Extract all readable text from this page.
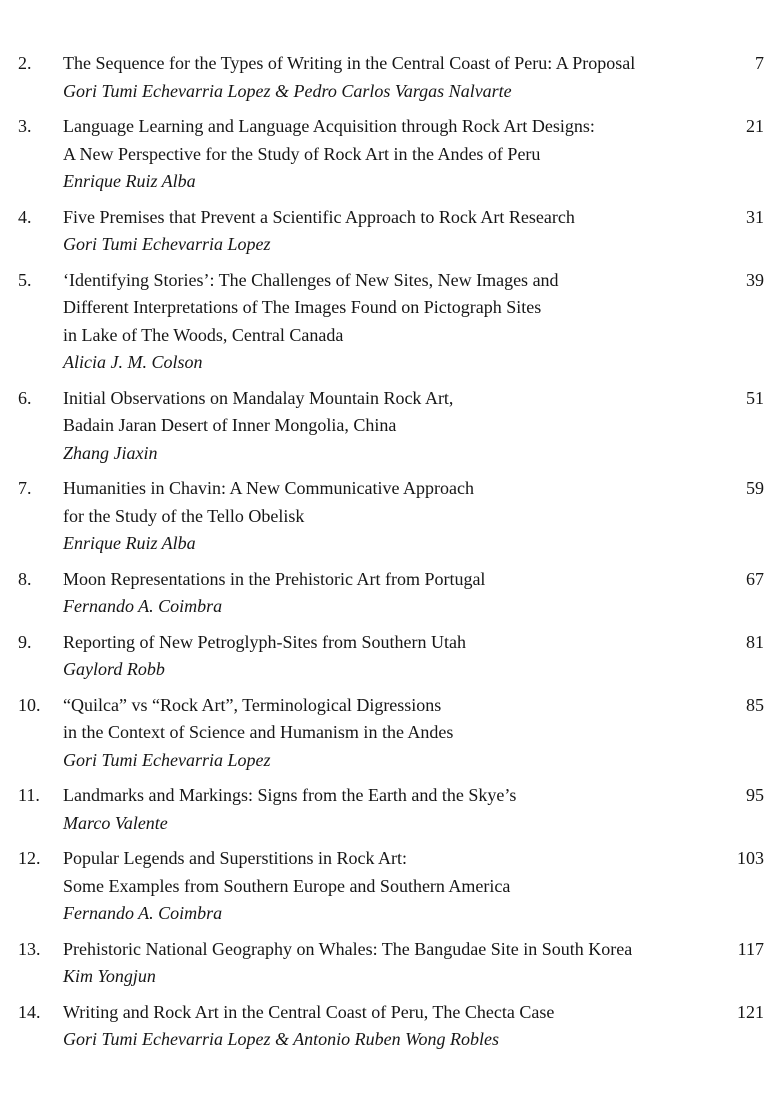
2.	The Sequence for the Types of Writing in the Central Coast of Peru: A Proposal
Gori Tumi Echevarria Lopez & Pedro Carlos Vargas Nalvarte
7
3.	Language Learning and Language Acquisition through Rock Art Designs:
A New Perspective for the Study of Rock Art in the Andes of Peru
Enrique Ruiz Alba
21
4.	Five Premises that Prevent a Scientific Approach to Rock Art Research
Gori Tumi Echevarria Lopez
31
5.	‘Identifying Stories’: The Challenges of New Sites, New Images and
Different Interpretations of The Images Found on Pictograph Sites
in Lake of The Woods, Central Canada
Alicia J. M. Colson
39
6.	Initial Observations on Mandalay Mountain Rock Art,
Badain Jaran Desert of Inner Mongolia, China
Zhang Jiaxin
51
7.	Humanities in Chavin: A New Communicative Approach
for the Study of the Tello Obelisk
Enrique Ruiz Alba
59
8.	Moon Representations in the Prehistoric Art from Portugal
Fernando A. Coimbra
67
9.	Reporting of New Petroglyph-Sites from Southern Utah
Gaylord Robb
81
10.	“Quilca” vs “Rock Art”, Terminological Digressions
in the Context of Science and Humanism in the Andes
Gori Tumi Echevarria Lopez
85
11.	Landmarks and Markings: Signs from the Earth and the Skye’s
Marco Valente
95
12.	Popular Legends and Superstitions in Rock Art:
Some Examples from Southern Europe and Southern America
Fernando A. Coimbra
103
13.	Prehistoric National Geography on Whales: The Bangudae Site in South Korea
Kim Yongjun
117
14.	Writing and Rock Art in the Central Coast of Peru, The Checta Case
Gori Tumi Echevarria Lopez & Antonio Ruben Wong Robles
121
